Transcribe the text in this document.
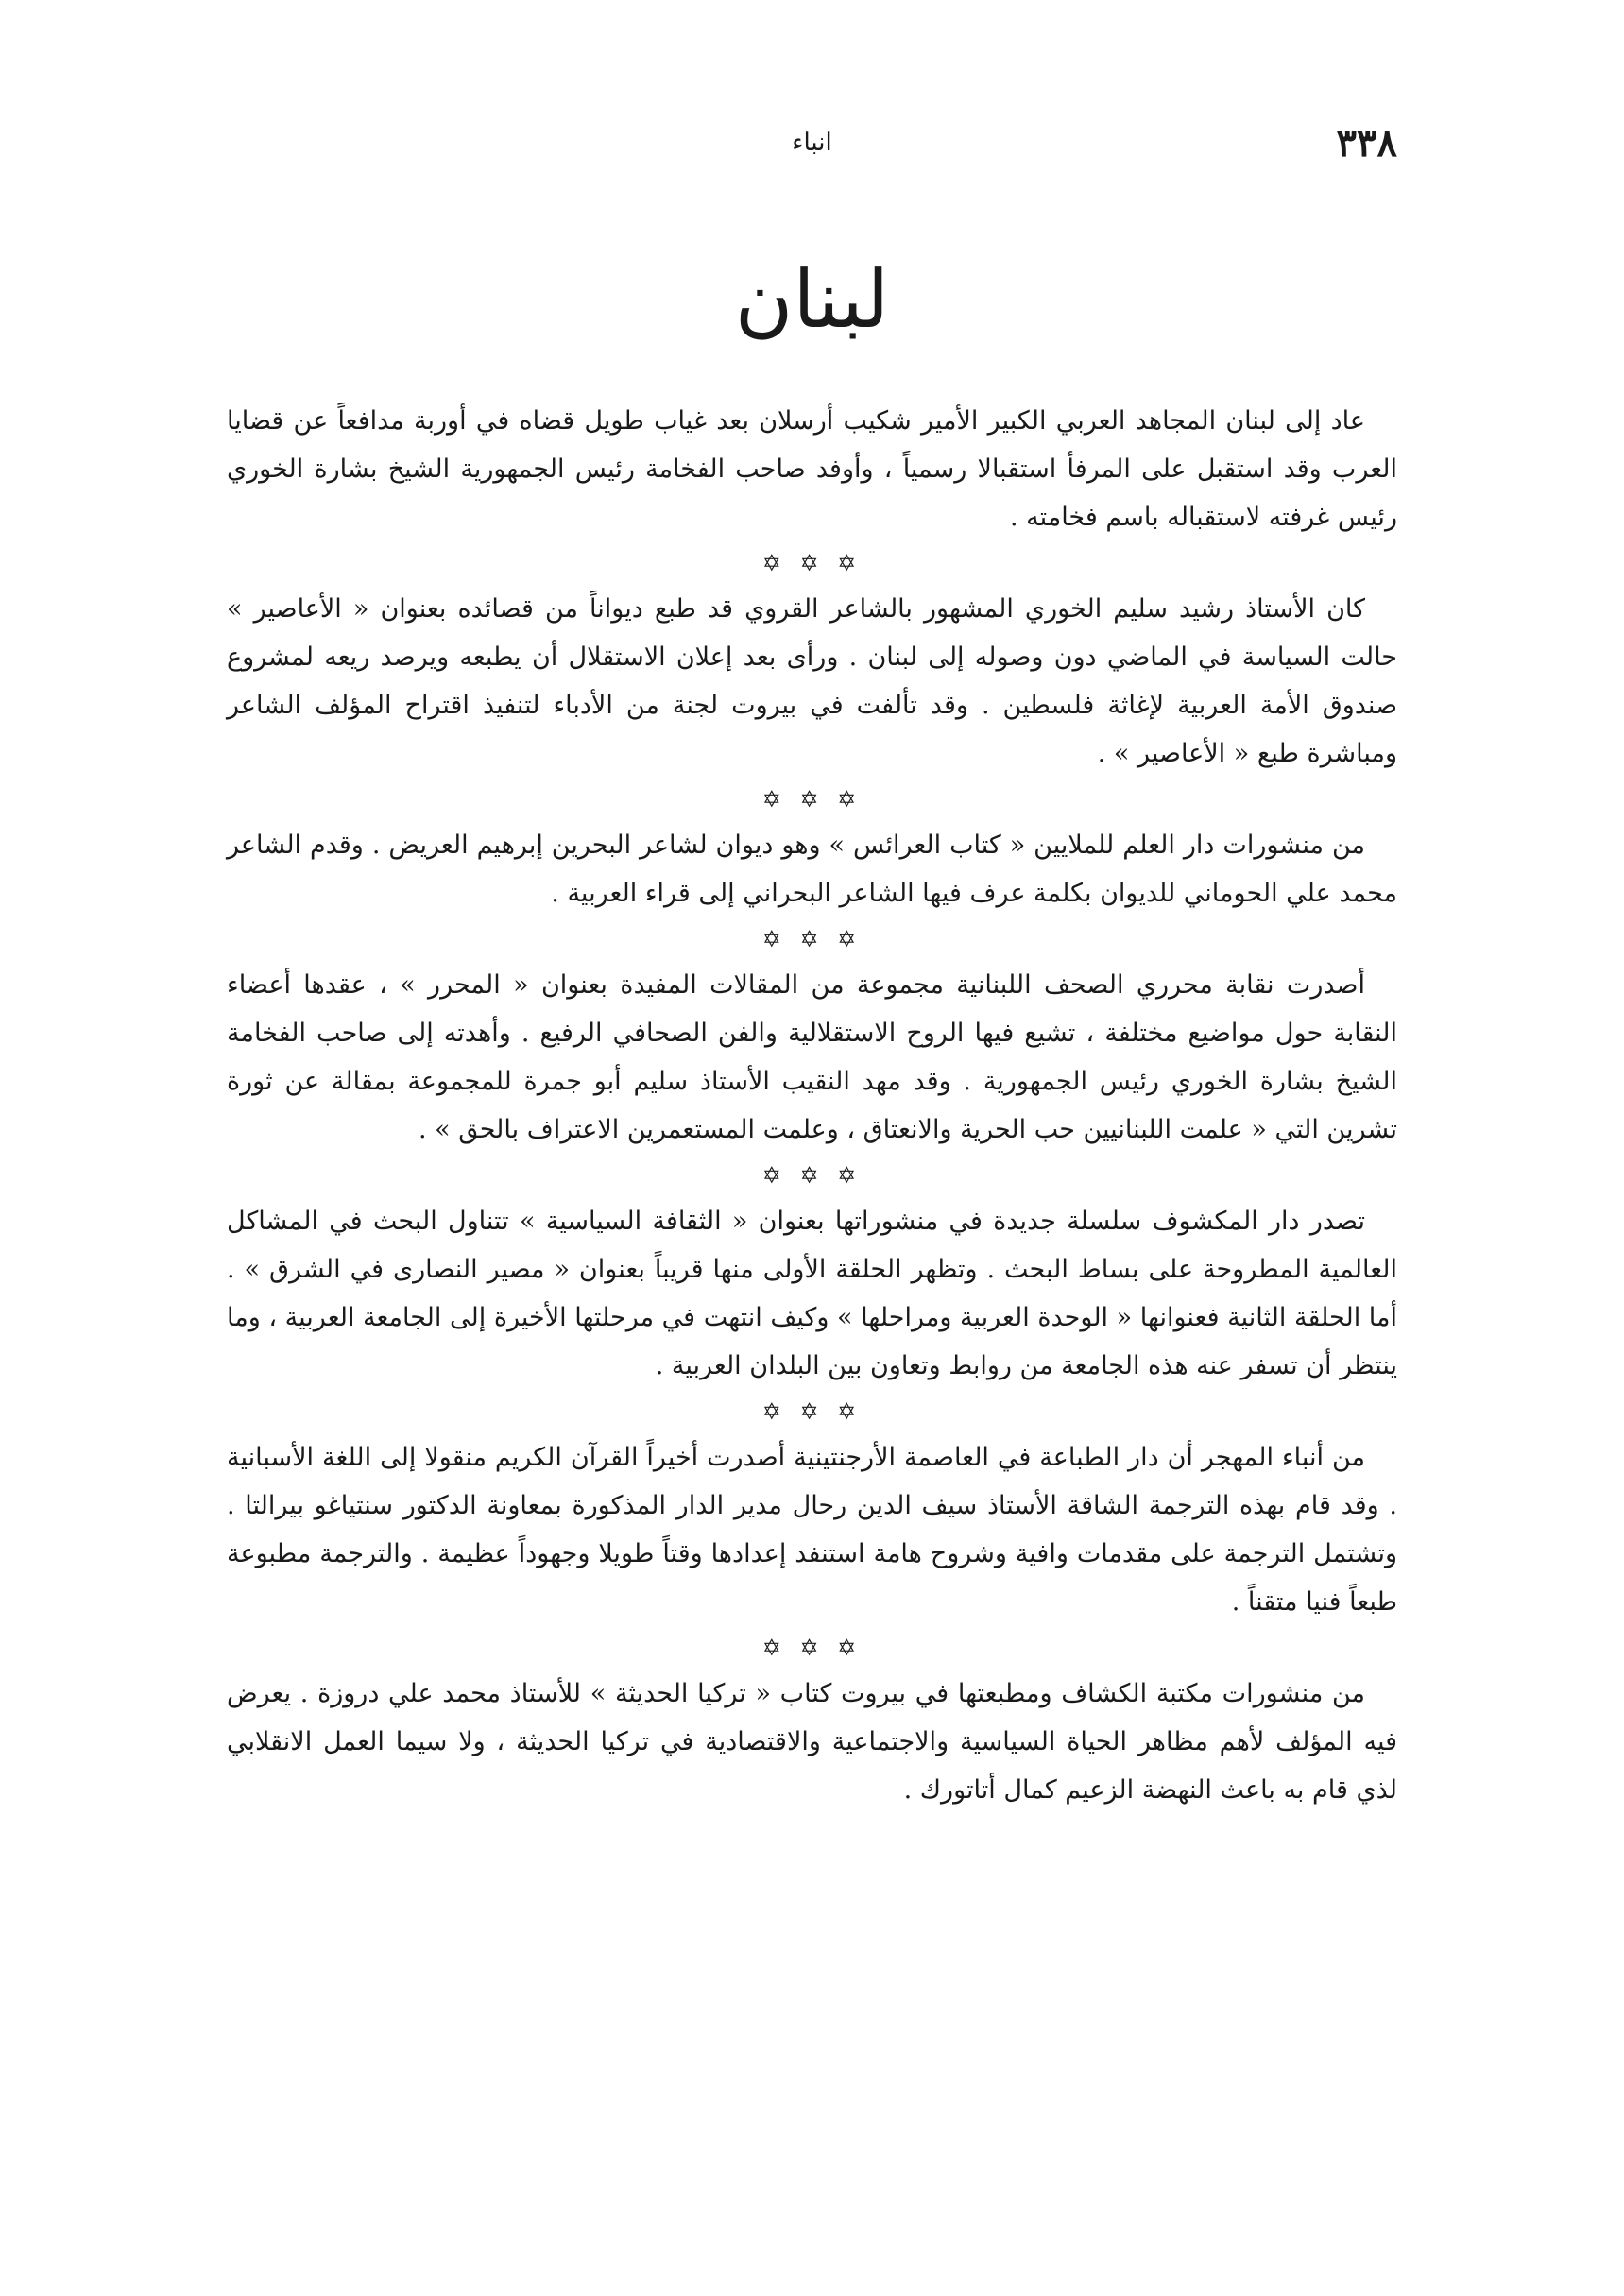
٣٣٨
انباء
لبنان

عاد إلى لبنان المجاهد العربي الكبير الأمير شكيب أرسلان بعد غياب طويل قضاه في أوربة مدافعاً عن قضايا العرب وقد استقبل على المرفأ استقبالا رسمياً ، وأوفد صاحب الفخامة رئيس الجمهورية الشيخ بشارة الخوري رئيس غرفته لاستقباله باسم فخامته .

✡ ✡ ✡

كان الأستاذ رشيد سليم الخوري المشهور بالشاعر القروي قد طبع ديواناً من قصائده بعنوان « الأعاصير » حالت السياسة في الماضي دون وصوله إلى لبنان . ورأى بعد إعلان الاستقلال أن يطبعه ويرصد ريعه لمشروع صندوق الأمة العربية لإغاثة فلسطين . وقد تألفت في بيروت لجنة من الأدباء لتنفيذ اقتراح المؤلف الشاعر ومباشرة طبع « الأعاصير » .

✡ ✡ ✡

من منشورات دار العلم للملايين « كتاب العرائس » وهو ديوان لشاعر البحرين إبرهيم العريض . وقدم الشاعر محمد علي الحوماني للديوان بكلمة عرف فيها الشاعر البحراني إلى قراء العربية .

✡ ✡ ✡

أصدرت نقابة محرري الصحف اللبنانية مجموعة من المقالات المفيدة بعنوان « المحرر » ، عقدها أعضاء النقابة حول مواضيع مختلفة ، تشيع فيها الروح الاستقلالية والفن الصحافي الرفيع . وأهدته إلى صاحب الفخامة الشيخ بشارة الخوري رئيس الجمهورية . وقد مهد النقيب الأستاذ سليم أبو جمرة للمجموعة بمقالة عن ثورة تشرين التي « علمت اللبنانيين حب الحرية والانعتاق ، وعلمت المستعمرين الاعتراف بالحق » .

✡ ✡ ✡

تصدر دار المكشوف سلسلة جديدة في منشوراتها بعنوان « الثقافة السياسية » تتناول البحث في المشاكل العالمية المطروحة على بساط البحث . وتظهر الحلقة الأولى منها قريباً بعنوان « مصير النصارى في الشرق » . أما الحلقة الثانية فعنوانها « الوحدة العربية ومراحلها » وكيف انتهت في مرحلتها الأخيرة إلى الجامعة العربية ، وما ينتظر أن تسفر عنه هذه الجامعة من روابط وتعاون بين البلدان العربية .

✡ ✡ ✡

من أنباء المهجر أن دار الطباعة في العاصمة الأرجنتينية أصدرت أخيراً القرآن الكريم منقولا إلى اللغة الأسبانية . وقد قام بهذه الترجمة الشاقة الأستاذ سيف الدين رحال مدير الدار المذكورة بمعاونة الدكتور سنتياغو بيرالتا . وتشتمل الترجمة على مقدمات وافية وشروح هامة استنفد إعدادها وقتاً طويلا وجهوداً عظيمة . والترجمة مطبوعة طبعاً فنيا متقناً .

✡ ✡ ✡

من منشورات مكتبة الكشاف ومطبعتها في بيروت كتاب « تركيا الحديثة » للأستاذ محمد علي دروزة . يعرض فيه المؤلف لأهم مظاهر الحياة السياسية والاجتماعية والاقتصادية في تركيا الحديثة ، ولا سيما العمل الانقلابي لذي قام به باعث النهضة الزعيم كمال أتاتورك .
